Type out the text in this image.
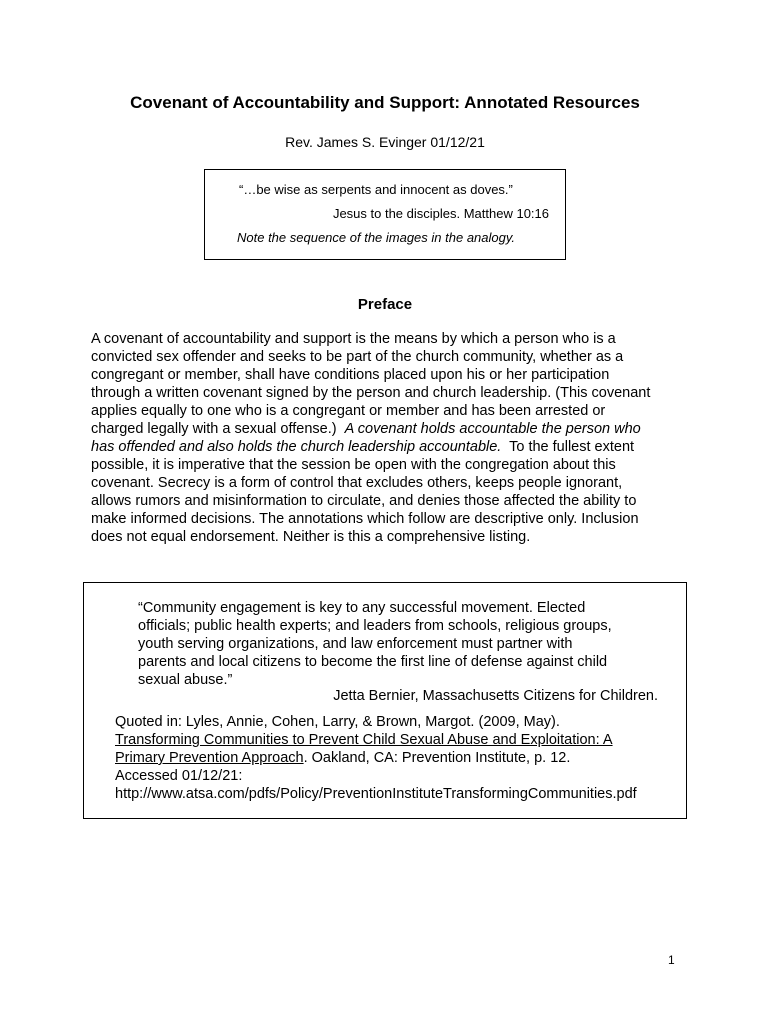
Covenant of Accountability and Support: Annotated Resources
Rev. James S. Evinger 01/12/21
“…be wise as serpents and innocent as doves.”
Jesus to the disciples. Matthew 10:16
Note the sequence of the images in the analogy.
Preface

A covenant of accountability and support is the means by which a person who is a
convicted sex offender and seeks to be part of the church community, whether as a
congregant or member, shall have conditions placed upon his or her participation
through a written covenant signed by the person and church leadership. (This covenant
applies equally to one who is a congregant or member and has been arrested or
charged legally with a sexual offense.)  A covenant holds accountable the person who
has offended and also holds the church leadership accountable.  To the fullest extent
possible, it is imperative that the session be open with the congregation about this
covenant. Secrecy is a form of control that excludes others, keeps people ignorant,
allows rumors and misinformation to circulate, and denies those affected the ability to
make informed decisions. The annotations which follow are descriptive only. Inclusion
does not equal endorsement. Neither is this a comprehensive listing.

“Community engagement is key to any successful movement. Elected
officials; public health experts; and leaders from schools, religious groups,
youth serving organizations, and law enforcement must partner with
parents and local citizens to become the first line of defense against child
sexual abuse.”
Jetta Bernier, Massachusetts Citizens for Children.
Quoted in: Lyles, Annie, Cohen, Larry, & Brown, Margot. (2009, May).
Transforming Communities to Prevent Child Sexual Abuse and Exploitation: A
Primary Prevention Approach. Oakland, CA: Prevention Institute, p. 12.
Accessed 01/12/21:
http://www.atsa.com/pdfs/Policy/PreventionInstituteTransformingCommunities.pdf
1
